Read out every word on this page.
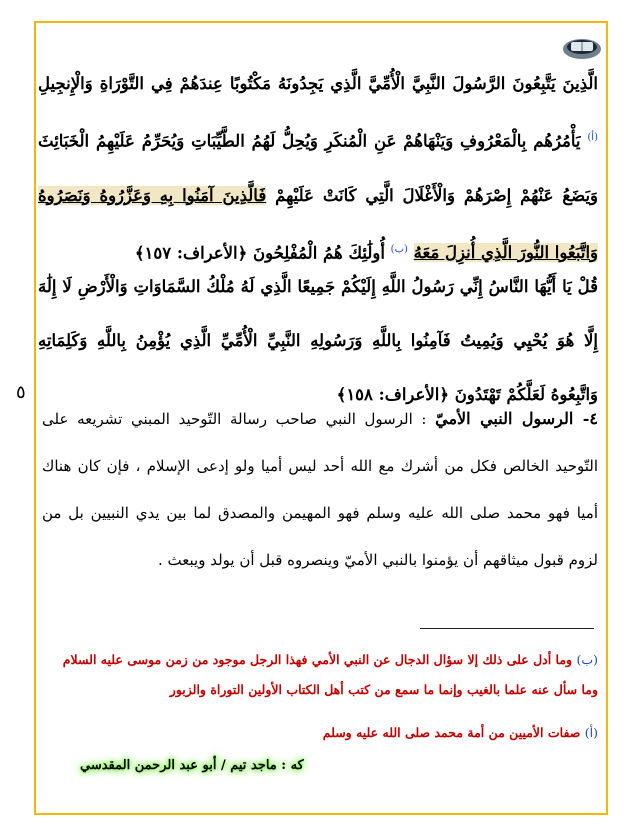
الَّذِينَ يَتَّبِعُونَ الرَّسُولَ النَّبِيَّ الْأُمِّيَّ الَّذِي يَجِدُونَهُ مَكْتُوبًا عِندَهُمْ فِي التَّوْرَاةِ وَالْإِنجِيلِ $^{(أ)}$ يَأْمُرُهُم بِالْمَعْرُوفِ وَيَنْهَاهُمْ عَنِ الْمُنكَرِ وَيُحِلُّ لَهُمُ الطَّيِّبَاتِ وَيُحَرِّمُ عَلَيْهِمُ الْخَبَائِثَ وَيَضَعُ عَنْهُمْ إِصْرَهُمْ وَالْأَغْلَالَ الَّتِي كَانَتْ عَلَيْهِمْ فَالَّذِينَ آمَنُوا بِهِ وَعَزَّرُوهُ وَنَصَرُوهُ وَاتَّبَعُوا النُّورَ الَّذِي أُنزِلَ مَعَهُ $^{(ب)}$ أُولَٰئِكَ هُمُ الْمُفْلِحُونَ ﴿الأعراف: ١٥٧﴾
قُلْ يَا أَيُّهَا النَّاسُ إِنِّي رَسُولُ اللَّهِ إِلَيْكُمْ جَمِيعًا الَّذِي لَهُ مُلْكُ السَّمَاوَاتِ وَالْأَرْضِ لَا إِلَٰهَ إِلَّا هُوَ يُحْيِي وَيُمِيتُ فَآمِنُوا بِاللَّهِ وَرَسُولِهِ النَّبِيِّ الْأُمِّيِّ الَّذِي يُؤْمِنُ بِاللَّهِ وَكَلِمَاتِهِ وَاتَّبِعُوهُ لَعَلَّكُمْ تَهْتَدُونَ ﴿الأعراف: ١٥٨﴾
٥
٤- الرسول النبي الأميّ : الرسول النبي صاحب رسالة التّوحيد المبني تشريعه على التّوحيد الخالص فكل من أشرك مع الله أحد ليس أميا ولو إدعى الإسلام ، فإن كان هناك أميا فهو محمد صلى الله عليه وسلم فهو المهيمن والمصدق لما بين يدي النبيين بل من لزوم قبول ميثاقهم أن يؤمنوا بالنبي الأميّ وينصروه قبل أن يولد ويبعث .
(ب) وما أدل على ذلك إلا سؤال الدجال عن النبي الأمي فهذا الرجل موجود من زمن موسى عليه السلام وما سأل عنه علما بالغيب وإنما ما سمع من كتب أهل الكتاب الأولين التوراة والزبور
(أ) صفات الأميين من أمة محمد صلى الله عليه وسلم
كه : ماجد تيم / أبو عبد الرحمن المقدسي
